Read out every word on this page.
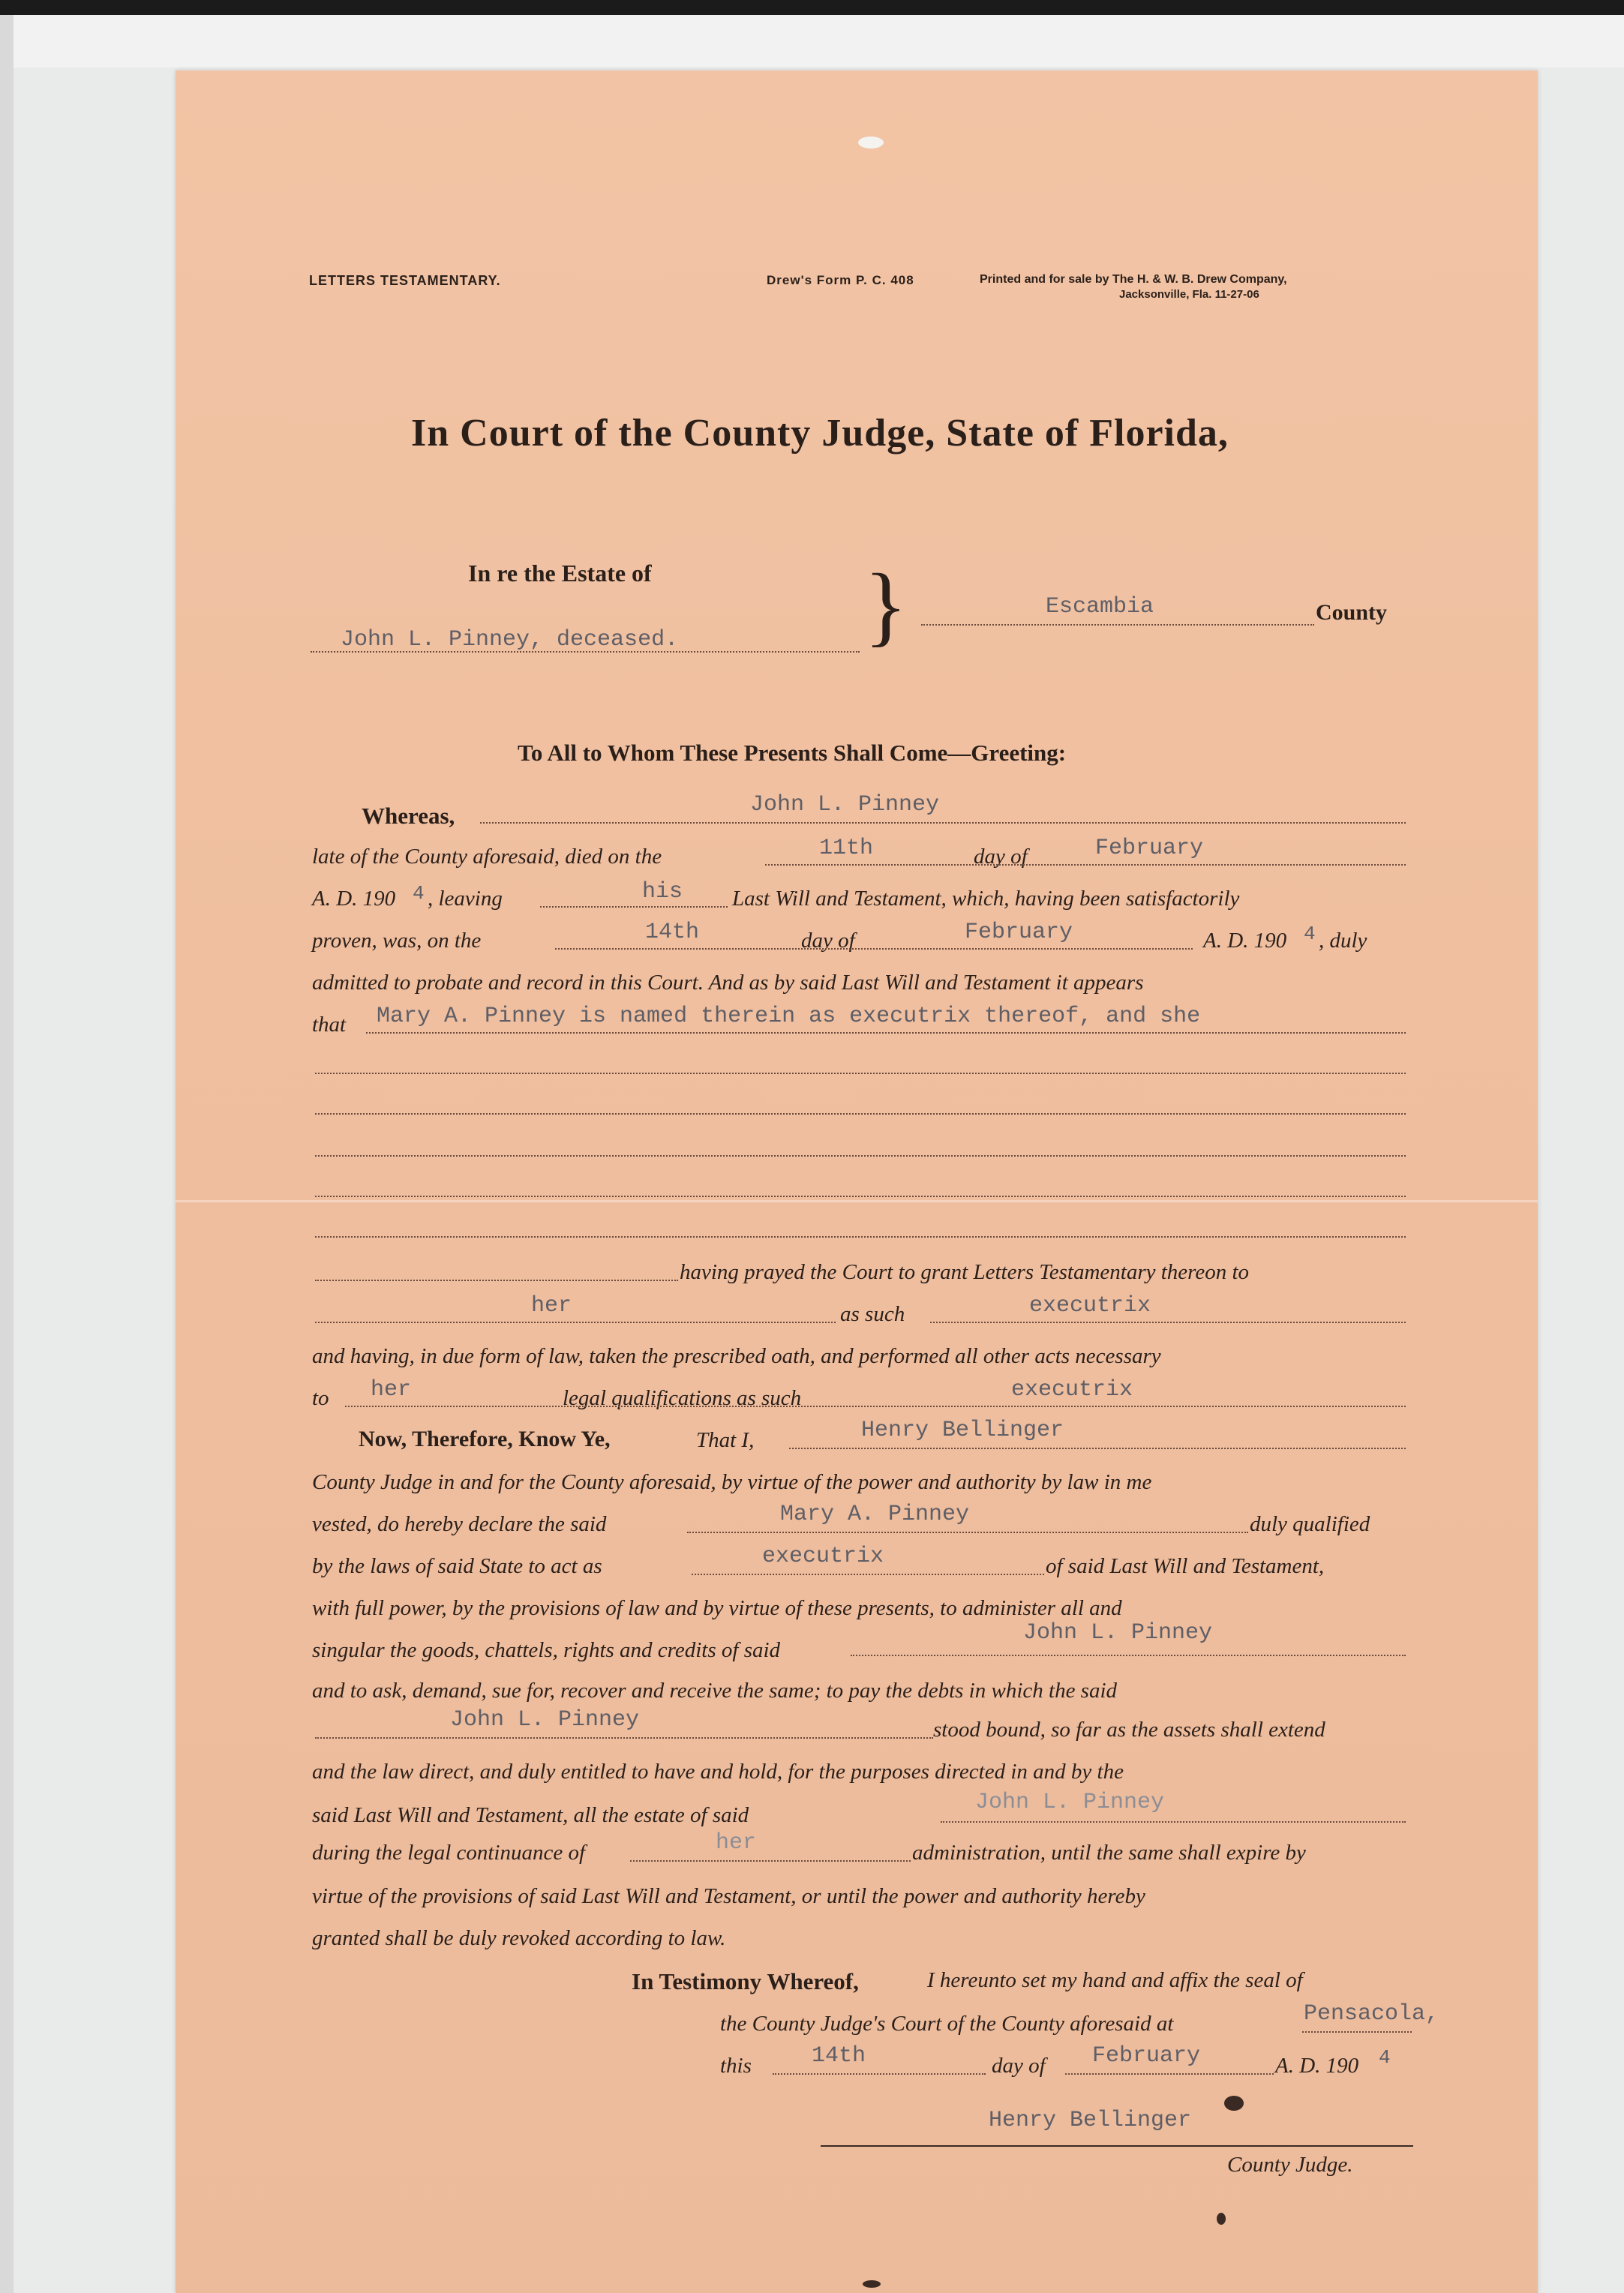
LETTERS TESTAMENTARY.	Drew's Form P. C. 408	Printed and for sale by The H. & W. B. Drew Company,
Jacksonville, Fla. 11-27-06
In Court of the County Judge, State of Florida,
In re the Estate of
John L. Pinney, deceased. }	Escambia	County
To All to Whom These Presents Shall Come—Greeting:
Whereas,	John L. Pinney
late of the County aforesaid, died on the	11th	day of	February
A. D. 190 4 , leaving	his Last Will and Testament, which, having been satisfactorily
proven, was, on the	14th	day of	February	A. D. 190 4 , duly
admitted to probate and record in this Court. And as by said Last Will and Testament it appears
that Mary A. Pinney is named therein as executrix thereof, and she
having prayed the Court to grant Letters Testamentary thereon to
her	as such	executrix
and having, in due form of law, taken the prescribed oath, and performed all other acts necessary
to her	legal qualifications as such	executrix
Now, Therefore, Know Ye,	That I,	Henry Bellinger
County Judge in and for the County aforesaid, by virtue of the power and authority by law in me
vested, do hereby declare the said	Mary A. Pinney	duly qualified
by the laws of said State to act as	executrix	of said Last Will and Testament,
with full power, by the provisions of law and by virtue of these presents, to administer all and
singular the goods, chattels, rights and credits of said
John L. Pinney
and to ask, demand, sue for, recover and receive the same; to pay the debts in which the said
John L. Pinney	stood bound, so far as the assets shall extend
and the law direct, and duly entitled to have and hold, for the purposes directed in and by the
said Last Will and Testament, all the estate of said	John L. Pinney
during the legal continuance of	her	administration, until the same shall expire by
virtue of the provisions of said Last Will and Testament, or until the power and authority hereby
granted shall be duly revoked according to law.
In Testimony Whereof,	I hereunto set my hand and affix the seal of
the County Judge's Court of the County aforesaid at	Pensacola,
this	14th	day of February	A. D. 190 4
Henry Bellinger
County Judge.
